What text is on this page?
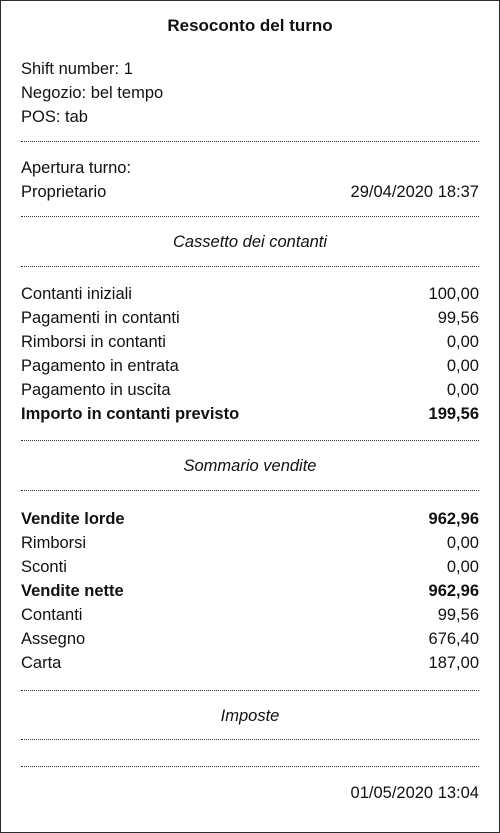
Resoconto del turno
Shift number: 1
Negozio: bel tempo
POS: tab
Apertura turno:
Proprietario	29/04/2020 18:37
Cassetto dei contanti
Contanti iniziali	100,00
Pagamenti in contanti	99,56
Rimborsi in contanti	0,00
Pagamento in entrata	0,00
Pagamento in uscita	0,00
Importo in contanti previsto	199,56
Sommario vendite
Vendite lorde	962,96
Rimborsi	0,00
Sconti	0,00
Vendite nette	962,96
Contanti	99,56
Assegno	676,40
Carta	187,00
Imposte
01/05/2020 13:04
